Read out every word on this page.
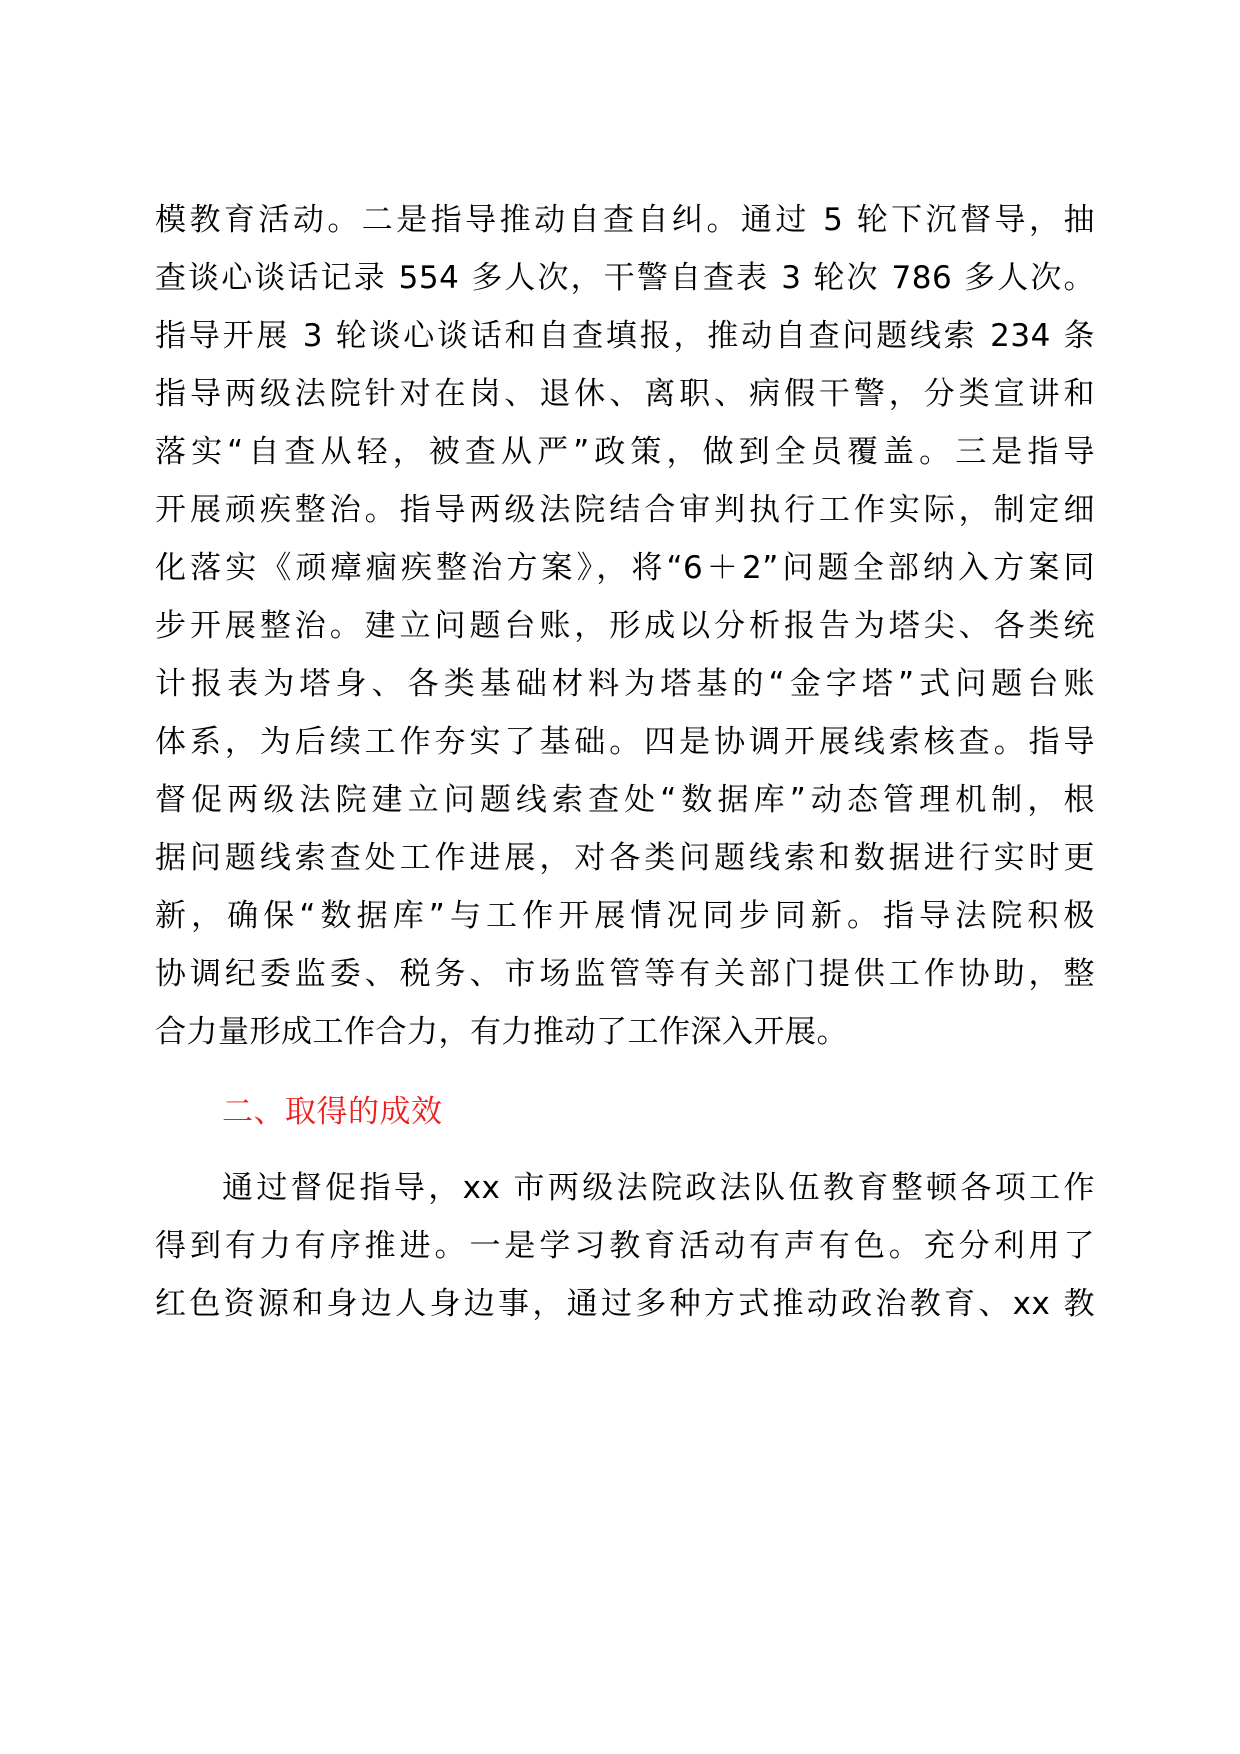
模教育活动。二是指导推动自查自纠。通过 5 轮下沉督导，抽
查谈心谈话记录 554 多人次，干警自查表 3 轮次 786 多人次。
指导开展 3 轮谈心谈话和自查填报，推动自查问题线索 234 条
指导两级法院针对在岗、退休、离职、病假干警，分类宣讲和
落实“自查从轻，被查从严”政策，做到全员覆盖。三是指导
开展顽疾整治。指导两级法院结合审判执行工作实际，制定细
化落实《顽瘴痼疾整治方案》，将“6＋2”问题全部纳入方案同
步开展整治。建立问题台账，形成以分析报告为塔尖、各类统
计报表为塔身、各类基础材料为塔基的“金字塔”式问题台账
体系，为后续工作夯实了基础。四是协调开展线索核查。指导
督促两级法院建立问题线索查处“数据库”动态管理机制，根
据问题线索查处工作进展，对各类问题线索和数据进行实时更
新，确保“数据库”与工作开展情况同步同新。指导法院积极
协调纪委监委、税务、市场监管等有关部门提供工作协助，整
合力量形成工作合力，有力推动了工作深入开展。
二、取得的成效
通过督促指导，xx 市两级法院政法队伍教育整顿各项工作
得到有力有序推进。一是学习教育活动有声有色。充分利用了
红色资源和身边人身边事，通过多种方式推动政治教育、xx 教
